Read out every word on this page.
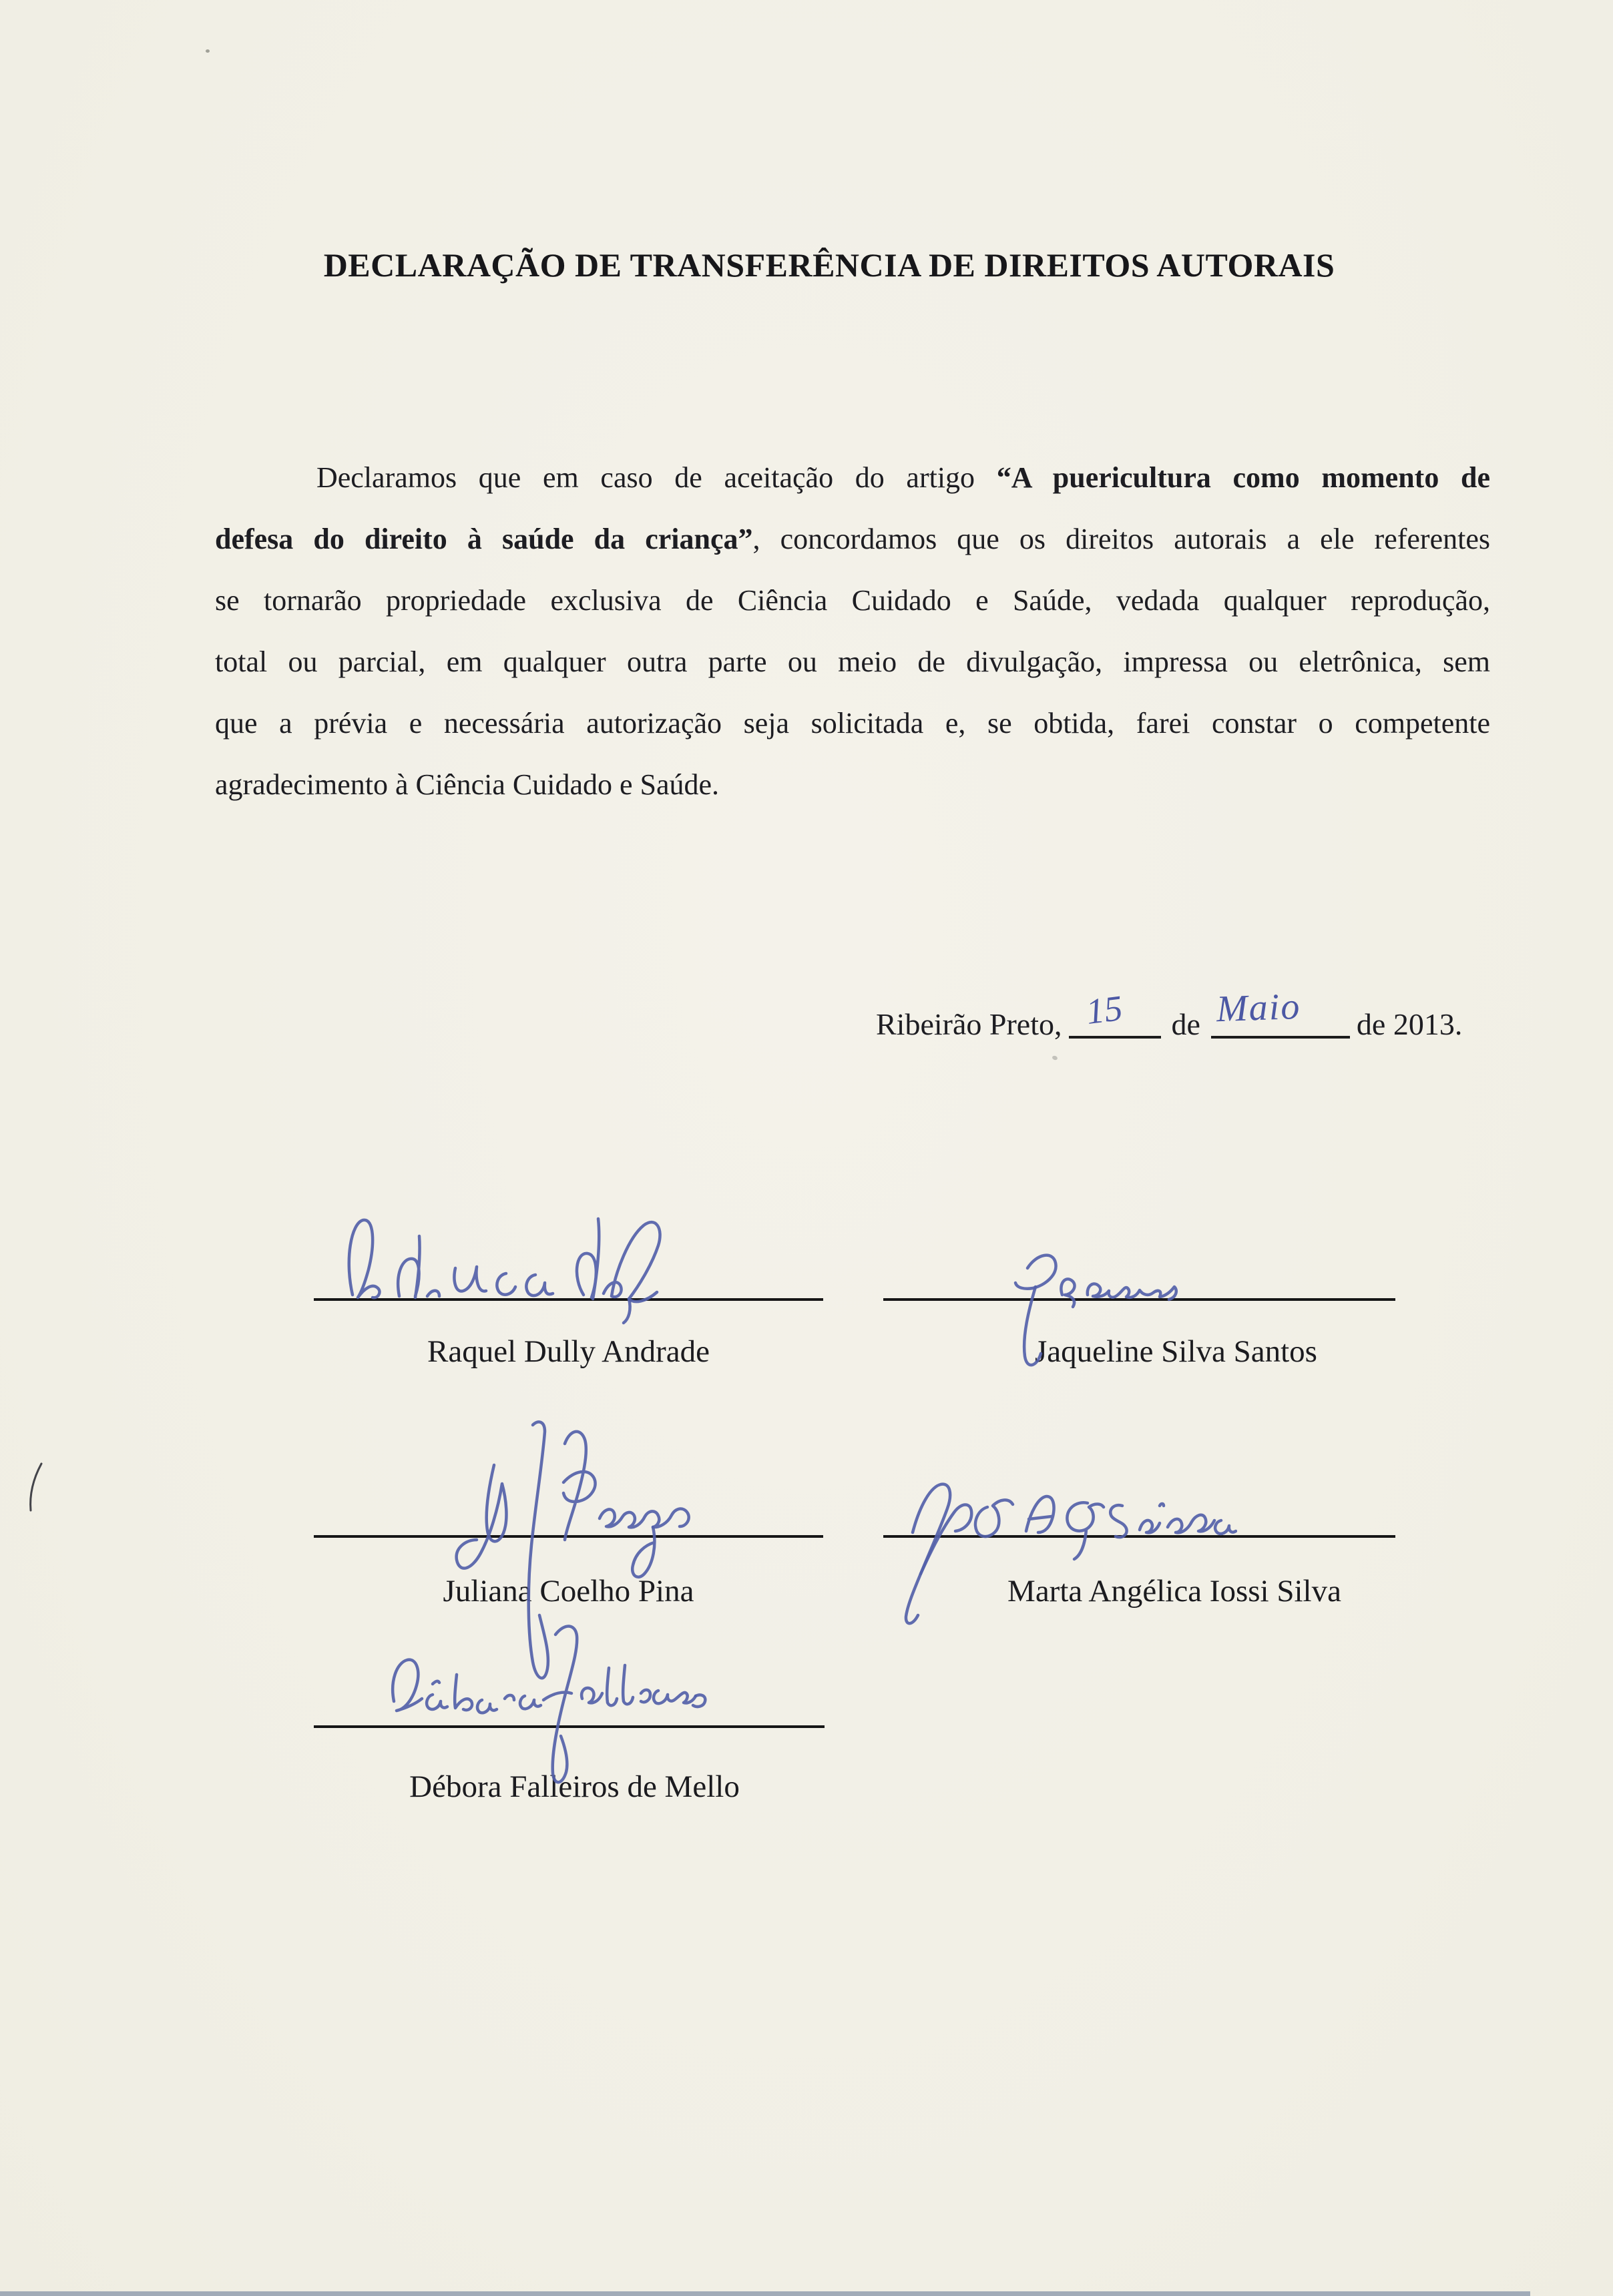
DECLARAÇÃO DE TRANSFERÊNCIA DE DIREITOS AUTORAIS
Declaramos que em caso de aceitação do artigo “A puericultura como momento de
defesa do direito à saúde da criança”, concordamos que os direitos autorais a ele referentes
se tornarão propriedade exclusiva de Ciência Cuidado e Saúde, vedada qualquer reprodução,
total ou parcial, em qualquer outra parte ou meio de divulgação, impressa ou eletrônica, sem
que a prévia e necessária autorização seja solicitada e, se obtida, farei constar o competente
agradecimento à Ciência Cuidado e Saúde.
Ribeirão Preto, 15 de Maio de 2013.
Raquel Dully Andrade	Jaqueline Silva Santos
Juliana Coelho Pina	Marta Angélica Iossi Silva
Débora Falleiros de Mello
